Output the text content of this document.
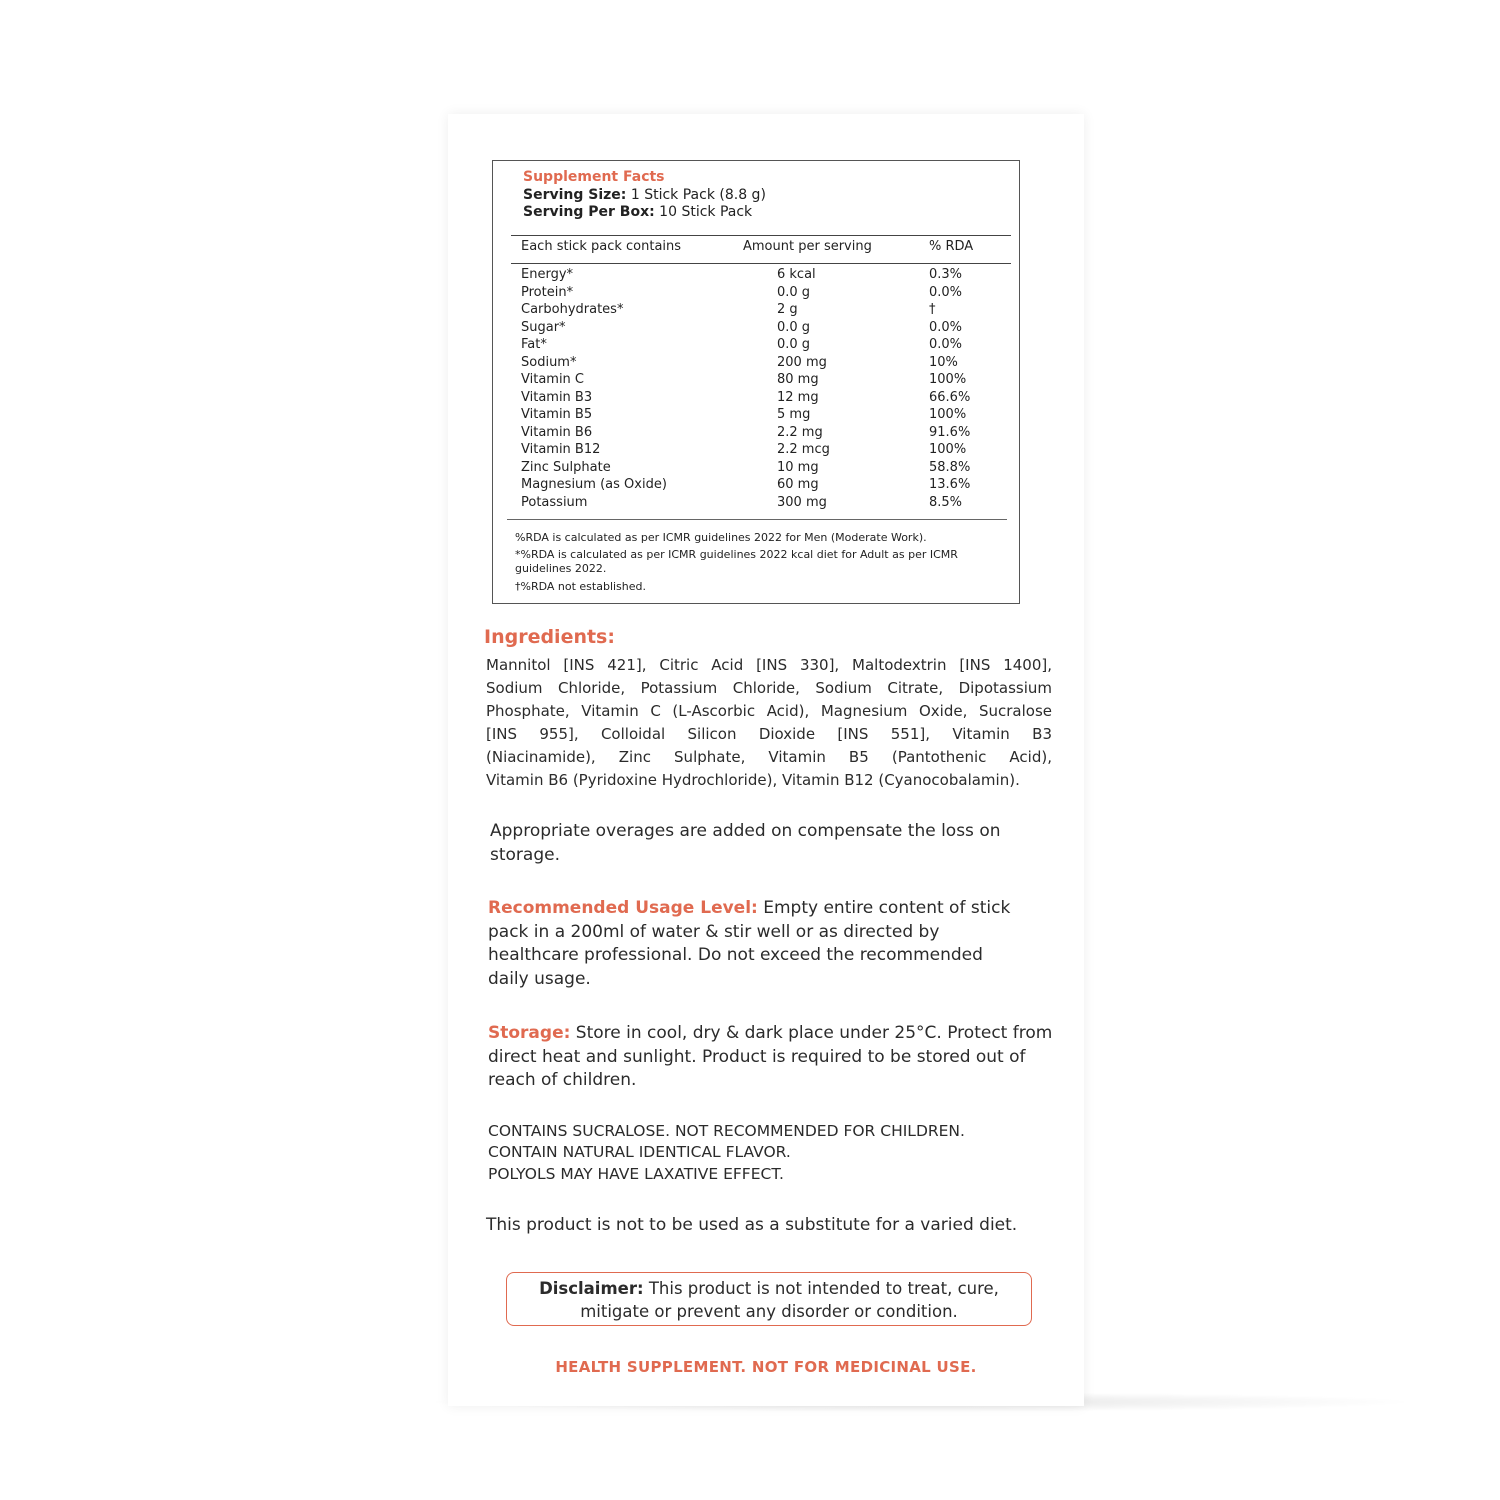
Supplement Facts
Serving Size: 1 Stick Pack (8.8 g)
Serving Per Box: 10 Stick Pack
Each stick pack contains	Amount per serving	% RDA
Energy*	6 kcal	0.3%
Protein*	0.0 g	0.0%
Carbohydrates*	2 g	†
Sugar*	0.0 g	0.0%
Fat*	0.0 g	0.0%
Sodium*	200 mg	10%
Vitamin C	80 mg	100%
Vitamin B3	12 mg	66.6%
Vitamin B5	5 mg	100%
Vitamin B6	2.2 mg	91.6%
Vitamin B12	2.2 mcg	100%
Zinc Sulphate	10 mg	58.8%
Magnesium (as Oxide)	60 mg	13.6%
Potassium	300 mg	8.5%
%RDA is calculated as per ICMR guidelines 2022 for Men (Moderate Work).
*%RDA is calculated as per ICMR guidelines 2022 kcal diet for Adult as per ICMR guidelines 2022.
†%RDA not established.
Ingredients:
Mannitol [INS 421], Citric Acid [INS 330], Maltodextrin [INS 1400],
Sodium Chloride, Potassium Chloride, Sodium Citrate, Dipotassium
Phosphate, Vitamin C (L-Ascorbic Acid), Magnesium Oxide, Sucralose
[INS 955], Colloidal Silicon Dioxide [INS 551], Vitamin B3
(Niacinamide), Zinc Sulphate, Vitamin B5 (Pantothenic Acid),
Vitamin B6 (Pyridoxine Hydrochloride), Vitamin B12 (Cyanocobalamin).
Appropriate overages are added on compensate the loss on storage.
Recommended Usage Level: Empty entire content of stick pack in a 200ml of water & stir well or as directed by healthcare professional. Do not exceed the recommended daily usage.
Storage: Store in cool, dry & dark place under 25°C. Protect from direct heat and sunlight. Product is required to be stored out of reach of children.
CONTAINS SUCRALOSE. NOT RECOMMENDED FOR CHILDREN.
CONTAIN NATURAL IDENTICAL FLAVOR.
POLYOLS MAY HAVE LAXATIVE EFFECT.
This product is not to be used as a substitute for a varied diet.
Disclaimer: This product is not intended to treat, cure, mitigate or prevent any disorder or condition.
HEALTH SUPPLEMENT. NOT FOR MEDICINAL USE.
